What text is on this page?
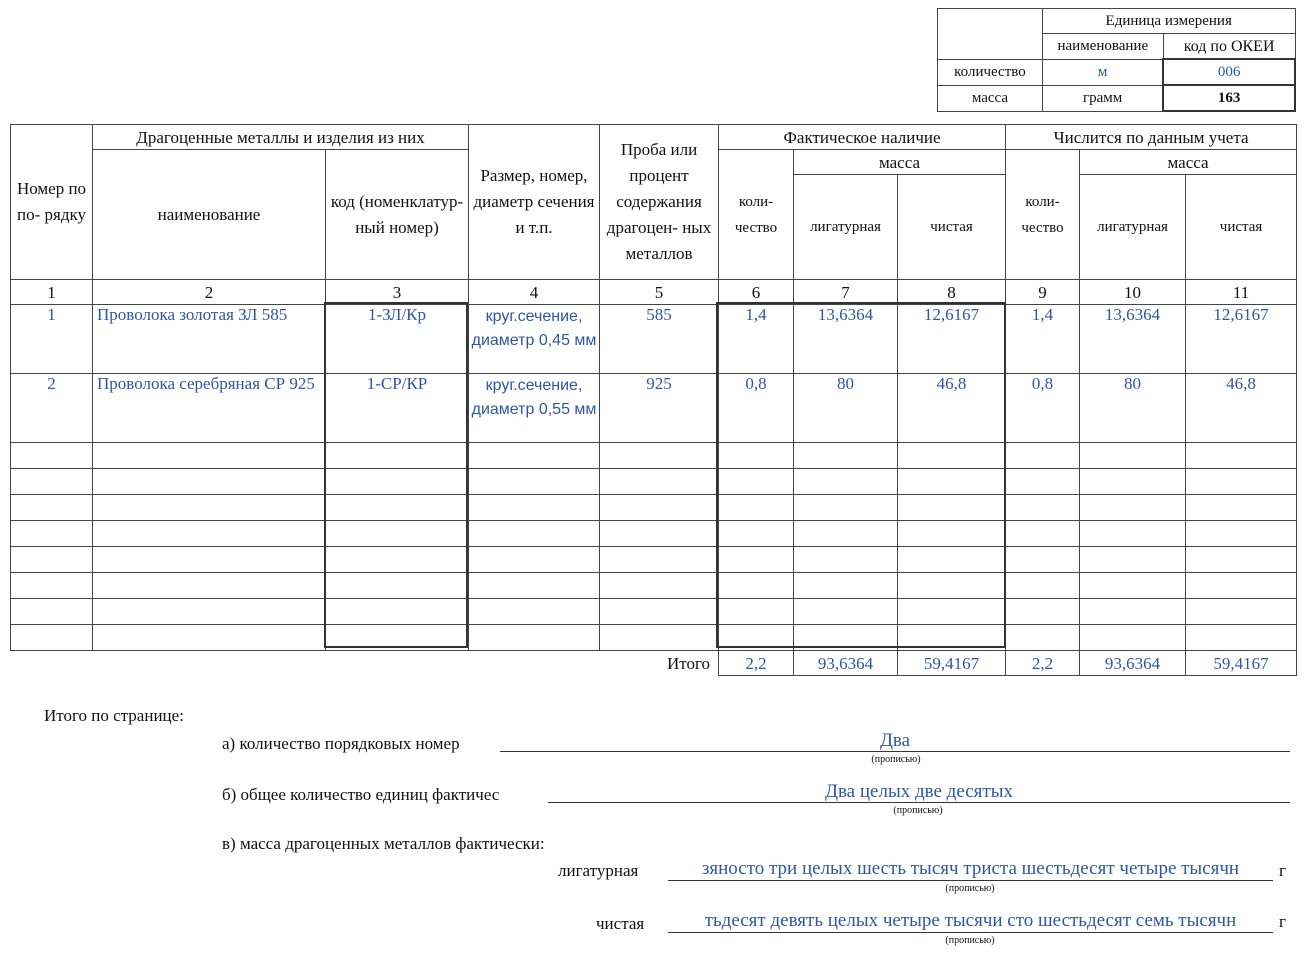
	Единица измерения	
	наименование	код по ОКЕИ
количество	м	006
масса	грамм	163
Номер по по- рядку	Драгоценные металлы и изделия из них		Размер, номер, диаметр сечения и т.п.	Проба или процент содержания драгоцен- ных металлов	Фактическое наличие			Числится по данным учета		
	наименование	код (номенклатур- ный номер)			коли- чество	масса		коли- чество	масса	
						лигатурная	чистая		лигатурная	чистая
1	2	3	4	5	6	7	8	9	10	11
1	Проволока золотая ЗЛ 585	1-ЗЛ/Кр	круг.сечение, диаметр 0,45 мм	585	1,4	13,6364	12,6167	1,4	13,6364	12,6167
2	Проволока серебряная СР 925	1-СР/КР	круг.сечение, диаметр 0,55 мм	925	0,8	80	46,8	0,8	80	46,8

				Итого	2,2	93,6364	59,4167	2,2	93,6364	59,4167
Итого по странице:
а) количество порядковых номер	Два
(прописью)
б) общее количество единиц фактичес	Два целых две десятых
(прописью)
в) масса драгоценных металлов фактически:
лигатурная	зяносто три целых шесть тысяч триста шестьдесят четыре тысячн	г
(прописью)
чистая	тьдесят девять целых четыре тысячи сто шестьдесят семь тысячн	г
(прописью)
